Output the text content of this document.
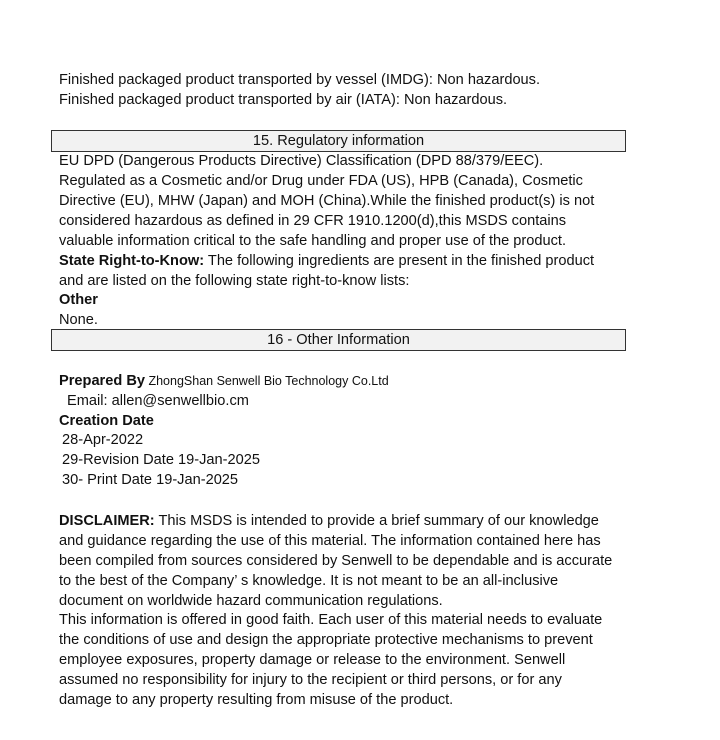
Finished packaged product transported by vessel (IMDG): Non hazardous.
Finished packaged product transported by air (IATA): Non hazardous.
15. Regulatory information
EU DPD (Dangerous Products Directive) Classification (DPD 88/379/EEC).
Regulated as a Cosmetic and/or Drug under FDA (US), HPB (Canada), Cosmetic
Directive (EU), MHW (Japan) and MOH (China).While the finished product(s) is not
considered hazardous as defined in 29 CFR 1910.1200(d),this MSDS contains
valuable information critical to the safe handling and proper use of the product.
State Right-to-Know: The following ingredients are present in the finished product
and are listed on the following state right-to-know lists:
Other
None.
16 - Other Information
Prepared By ZhongShan Senwell Bio Technology Co.Ltd
Email: allen@senwellbio.cm
Creation Date
28-Apr-2022
29-Revision Date 19-Jan-2025
30- Print Date 19-Jan-2025
DISCLAIMER: This MSDS is intended to provide a brief summary of our knowledge
and guidance regarding the use of this material. The information contained here has
been compiled from sources considered by Senwell to be dependable and is accurate
to the best of the Company’ s knowledge. It is not meant to be an all-inclusive
document on worldwide hazard communication regulations.
This information is offered in good faith. Each user of this material needs to evaluate
the conditions of use and design the appropriate protective mechanisms to prevent
employee exposures, property damage or release to the environment. Senwell
assumed no responsibility for injury to the recipient or third persons, or for any
damage to any property resulting from misuse of the product.
